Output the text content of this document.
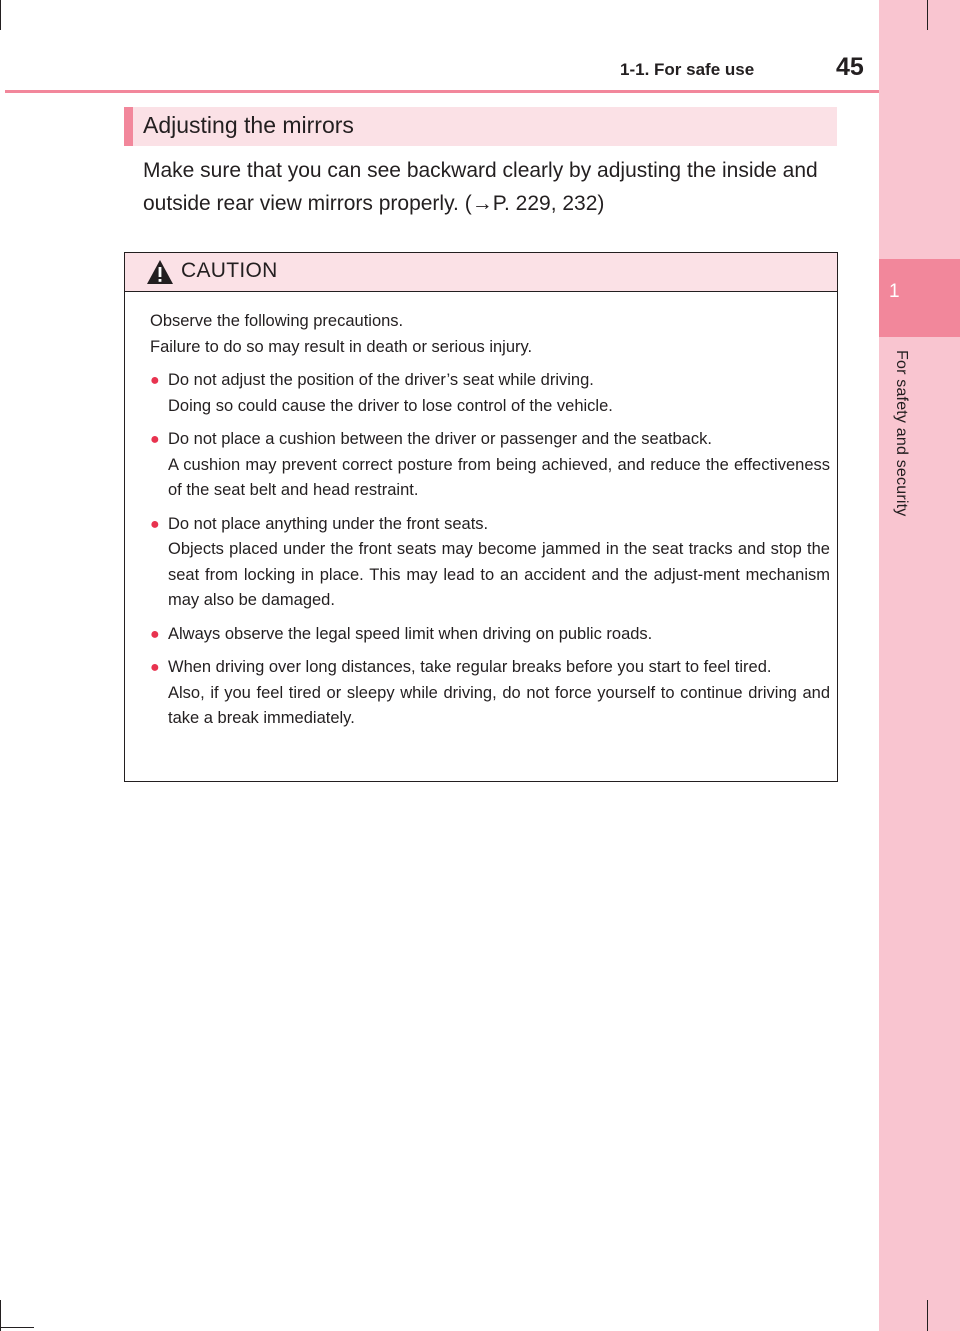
1
For safety and security
1-1. For safe use	45
Adjusting the mirrors
Make sure that you can see backward clearly by adjusting the inside and outside rear view mirrors properly. (→P. 229, 232)
CAUTION

Observe the following precautions.

Failure to do so may result in death or serious injury.

● Do not adjust the position of the driver’s seat while driving.
Doing so could cause the driver to lose control of the vehicle.

● Do not place a cushion between the driver or passenger and the seatback.
A cushion may prevent correct posture from being achieved, and reduce the effectiveness of the seat belt and head restraint.

● Do not place anything under the front seats.
Objects placed under the front seats may become jammed in the seat tracks and stop the seat from locking in place. This may lead to an accident and the adjust-ment mechanism may also be damaged.

● Always observe the legal speed limit when driving on public roads.

● When driving over long distances, take regular breaks before you start to feel tired.
Also, if you feel tired or sleepy while driving, do not force yourself to continue driving and take a break immediately.
